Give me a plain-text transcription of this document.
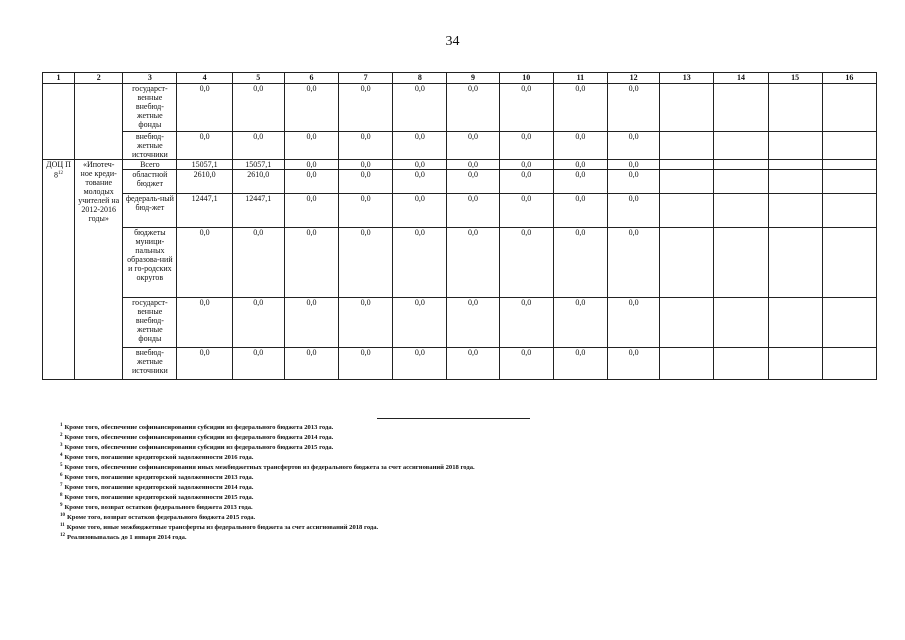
34
1	2	3	4	5	6	7	8	9	10	11	12	13	14	15	16
		государст-венные внебюд-жетные фонды	0,0	0,0	0,0	0,0	0,0	0,0	0,0	0,0	0,0				
		внебюд-жетные источники	0,0	0,0	0,0	0,0	0,0	0,0	0,0	0,0	0,0				
ДОЦ П 8$^{12}$	«Ипотеч-ное креди-тование молодых учителей на 2012-2016 годы»	Всего	15057,1	15057,1	0,0	0,0	0,0	0,0	0,0	0,0	0,0				
		областной бюджет	2610,0	2610,0	0,0	0,0	0,0	0,0	0,0	0,0	0,0				
		федераль-ный бюд-жет	12447,1	12447,1	0,0	0,0	0,0	0,0	0,0	0,0	0,0				
		бюджеты муници-пальных образова-ний и го-родских округов	0,0	0,0	0,0	0,0	0,0	0,0	0,0	0,0	0,0				
		государст-венные внебюд-жетные фонды	0,0	0,0	0,0	0,0	0,0	0,0	0,0	0,0	0,0				
		внебюд-жетные источники	0,0	0,0	0,0	0,0	0,0	0,0	0,0	0,0	0,0				
$^1$ Кроме того, обеспечение софинансирования субсидии из федерального бюджета 2013 года.
$^2$ Кроме того, обеспечение софинансирования субсидии из федерального бюджета 2014 года.
$^3$ Кроме того, обеспечение софинансирования субсидии из федерального бюджета 2015 года.
$^4$ Кроме того, погашение кредиторской задолженности 2016 года.
$^5$ Кроме того, обеспечение софинансирования иных межбюджетных трансфертов из федерального бюджета за счет ассигнований 2018 года.
$^6$ Кроме того, погашение кредиторской задолженности 2013 года.
$^7$ Кроме того, погашение кредиторской задолженности 2014 года.
$^8$ Кроме того, погашение кредиторской задолженности 2015 года.
$^9$ Кроме того, возврат остатков федерального бюджета 2013 года.
$^{10}$ Кроме того, возврат остатков федерального бюджета 2015 года.
$^{11}$ Кроме того, иные межбюджетные трансферты из федерального бюджета за счет ассигнований 2018 года.
$^{12}$ Реализовывалась до 1 января 2014 года.
